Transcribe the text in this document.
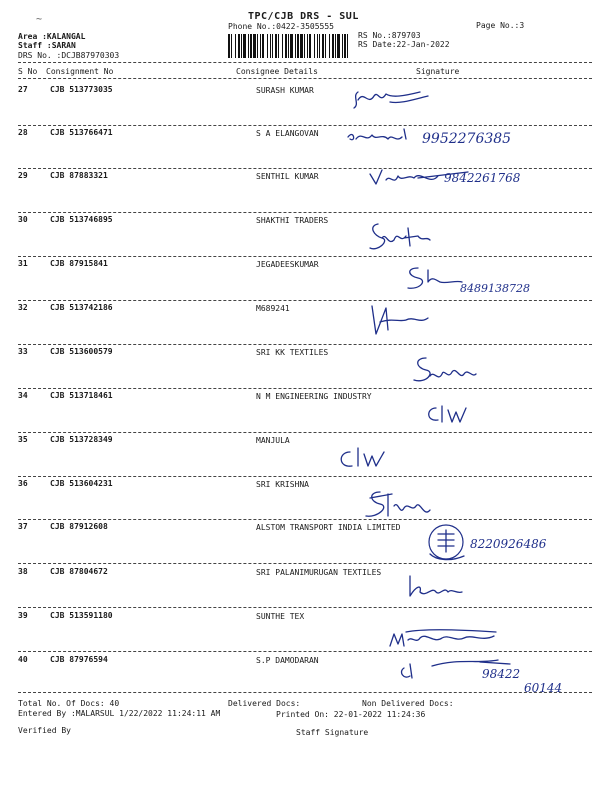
~	TPC/CJB DRS - SUL
Phone No.:0422-3505555	Page No.:3
Area :KALANGAL
Staff :SARAN
DRS No. :DCJB87970303
RS No.:879703
RS Date:22-Jan-2022
S No Consignment No	Consignee Details	Signature
27	CJB 513773035	SURASH KUMAR
28	CJB 513766471	S A ELANGOVAN
29	CJB 87883321	SENTHIL KUMAR
30	CJB 513746895	SHAKTHI TRADERS
31	CJB 87915841	JEGADEESKUMAR
32	CJB 513742186	M689241
33	CJB 513600579	SRI KK TEXTILES
34	CJB 513718461	N M ENGINEERING INDUSTRY
35	CJB 513728349	MANJULA
36	CJB 513604231	SRI KRISHNA
37	CJB 87912608	ALSTOM TRANSPORT INDIA LIMITED
38	CJB 87804672	SRI PALANIMURUGAN TEXTILES
39	CJB 513591180	SUNTHE TEX
40	CJB 87976594	S.P DAMODARAN
9952276385
9842261768
8489138728
8220926486
98422
60144
Total No. Of Docs: 40	Delivered Docs:	Non Delivered Docs:
Entered By :MALARSUL 1/22/2022 11:24:11 AM	Printed On: 22-01-2022 11:24:36
Verified By	Staff Signature
